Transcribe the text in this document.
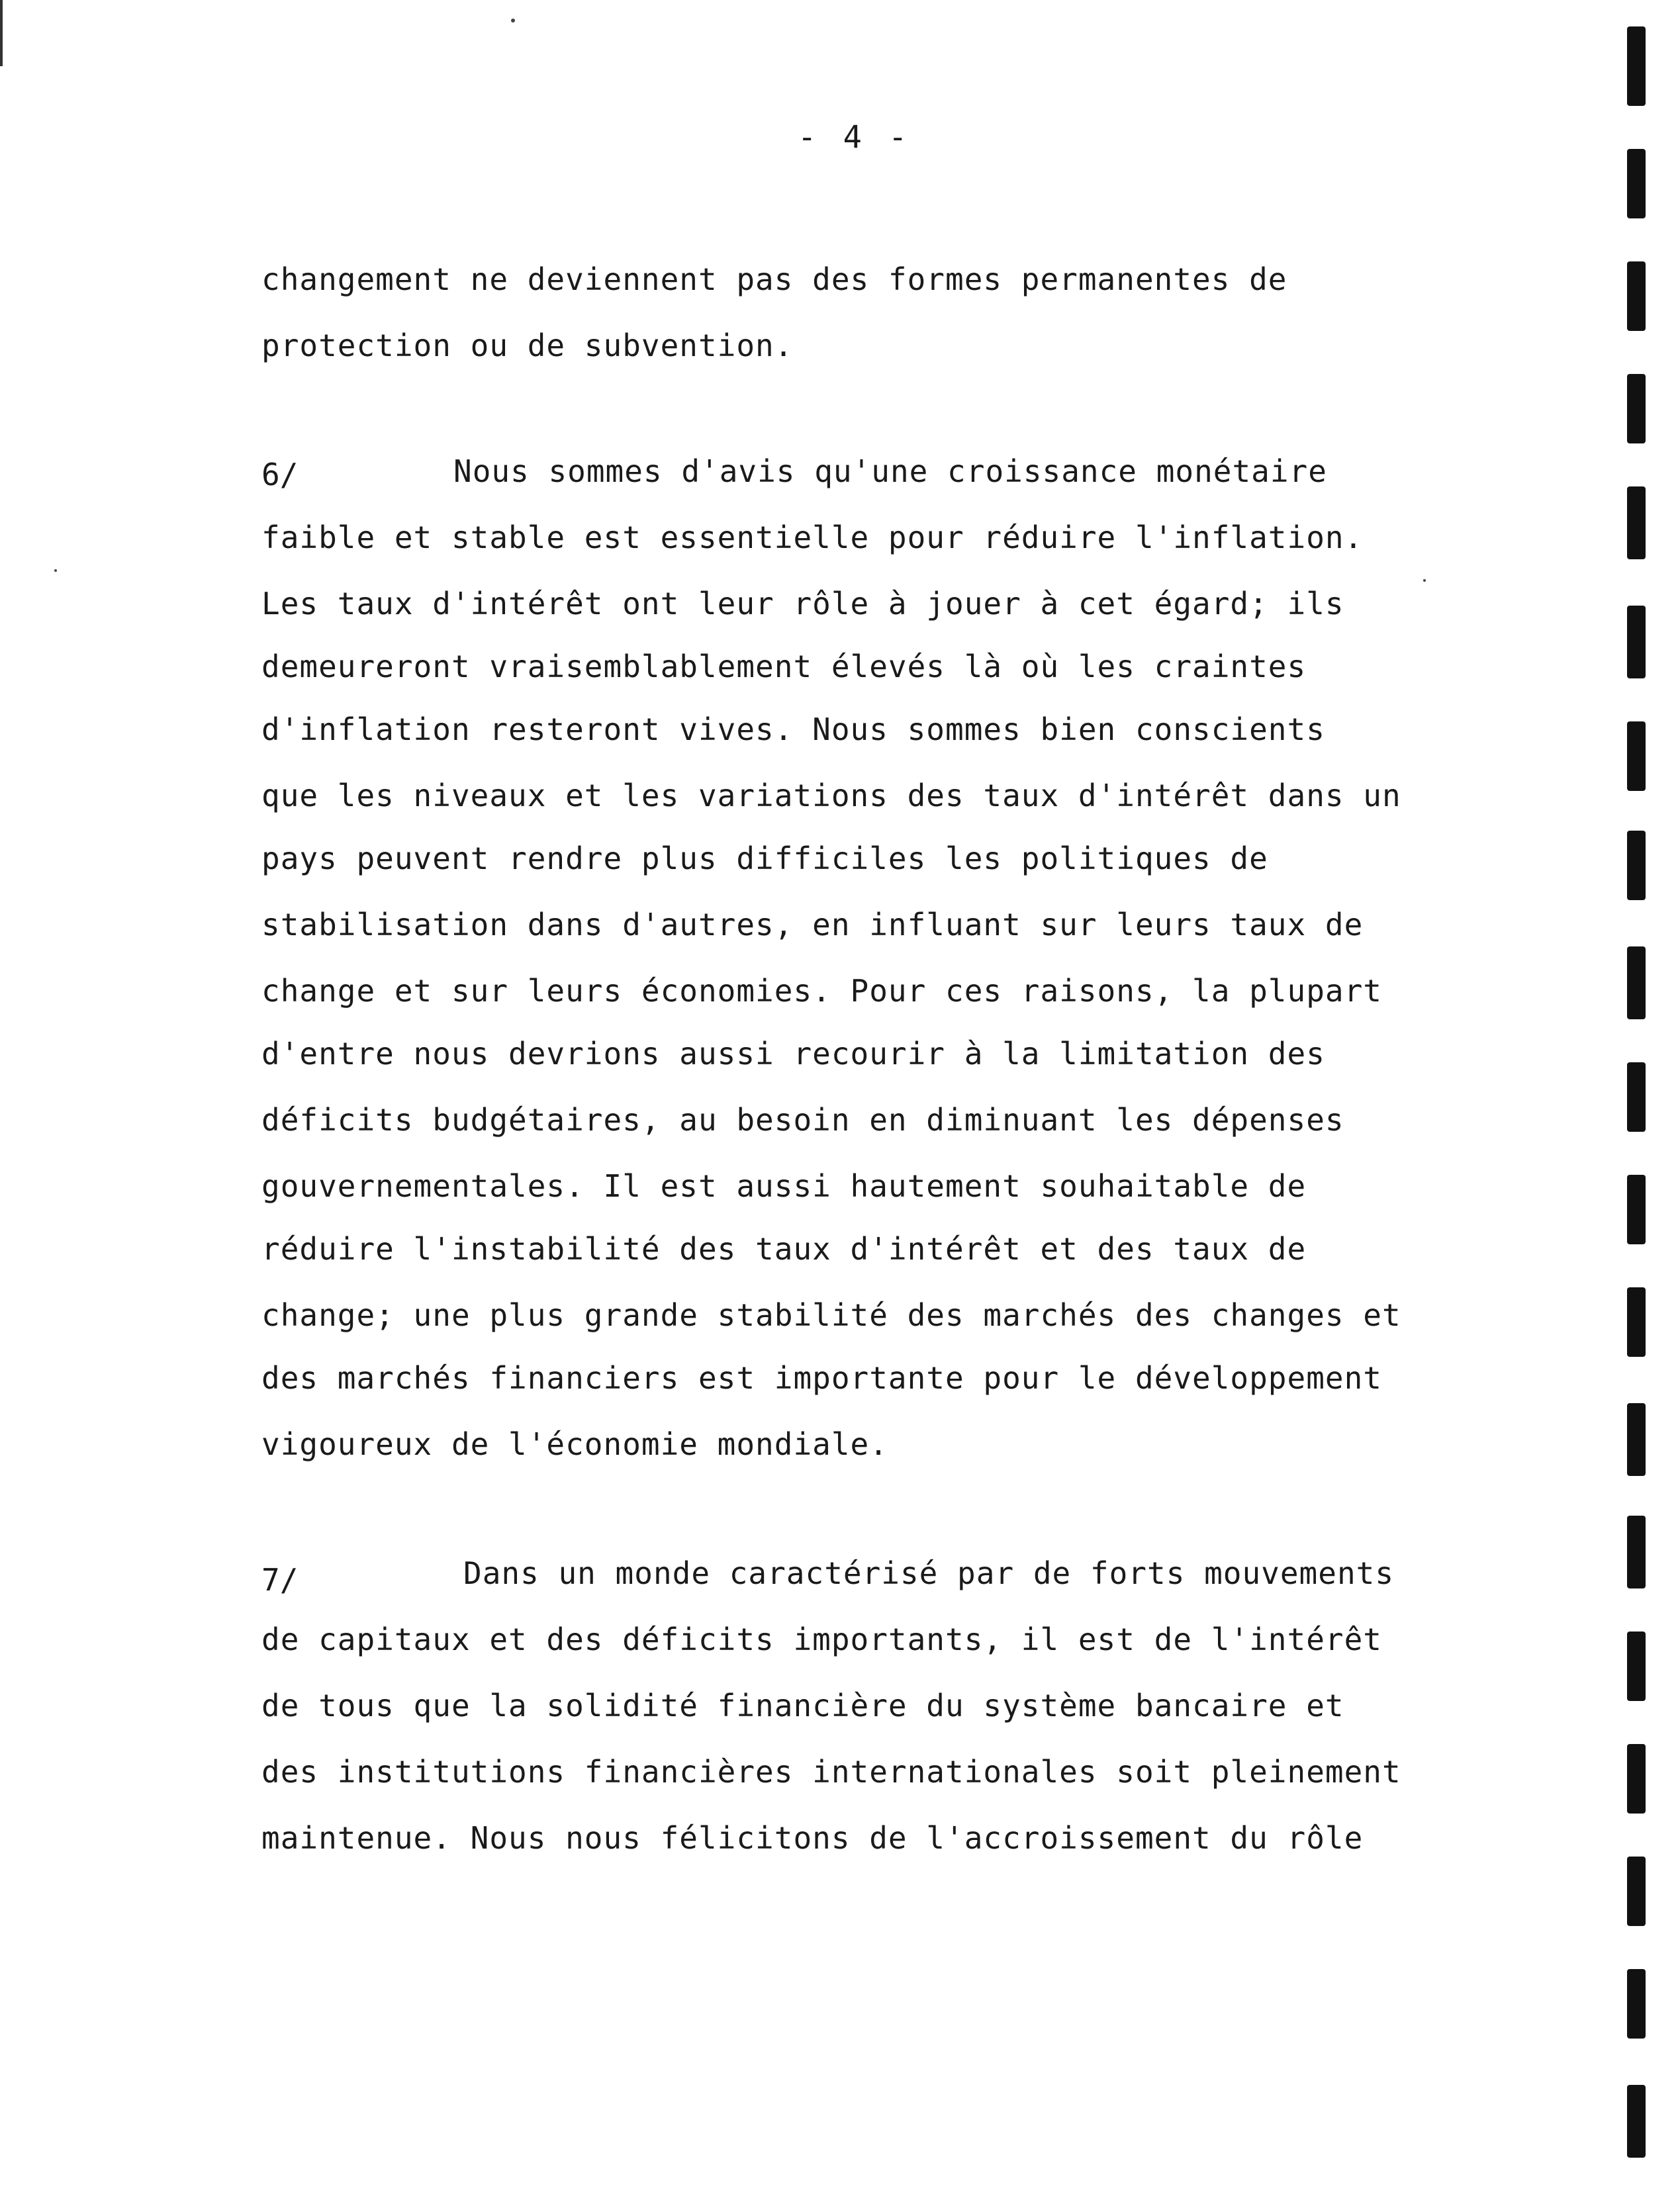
- 4 -
changement ne deviennent pas des formes permanentes de
protection ou de subvention.
6/	Nous sommes d'avis qu'une croissance monétaire
faible et stable est essentielle pour réduire l'inflation.
Les taux d'intérêt ont leur rôle à jouer à cet égard; ils
demeureront vraisemblablement élevés là où les craintes
d'inflation resteront vives. Nous sommes bien conscients
que les niveaux et les variations des taux d'intérêt dans un
pays peuvent rendre plus difficiles les politiques de
stabilisation dans d'autres, en influant sur leurs taux de
change et sur leurs économies. Pour ces raisons, la plupart
d'entre nous devrions aussi recourir à la limitation des
déficits budgétaires, au besoin en diminuant les dépenses
gouvernementales. Il est aussi hautement souhaitable de
réduire l'instabilité des taux d'intérêt et des taux de
change; une plus grande stabilité des marchés des changes et
des marchés financiers est importante pour le développement
vigoureux de l'économie mondiale.
7/	Dans un monde caractérisé par de forts mouvements
de capitaux et des déficits importants, il est de l'intérêt
de tous que la solidité financière du système bancaire et
des institutions financières internationales soit pleinement
maintenue. Nous nous félicitons de l'accroissement du rôle
